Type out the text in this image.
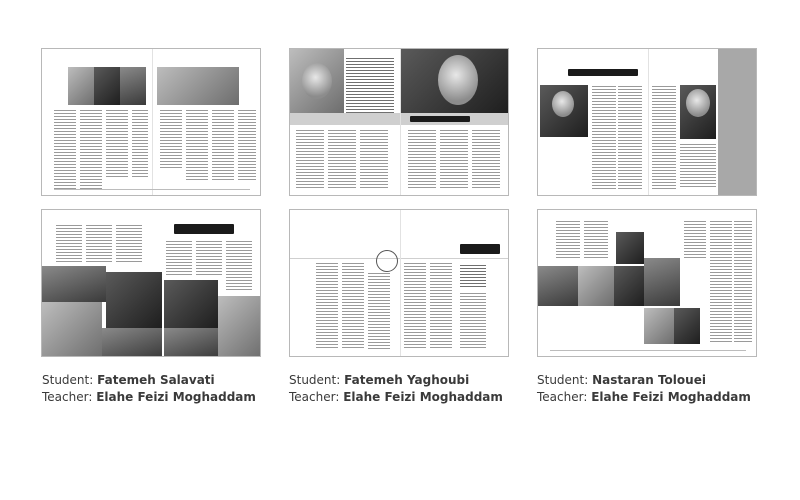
Student: Fatemeh Salavati
Teacher: Elahe Feizi Moghaddam
Student: Fatemeh Yaghoubi
Teacher: Elahe Feizi Moghaddam
Student: Nastaran Tolouei
Teacher: Elahe Feizi Moghaddam
